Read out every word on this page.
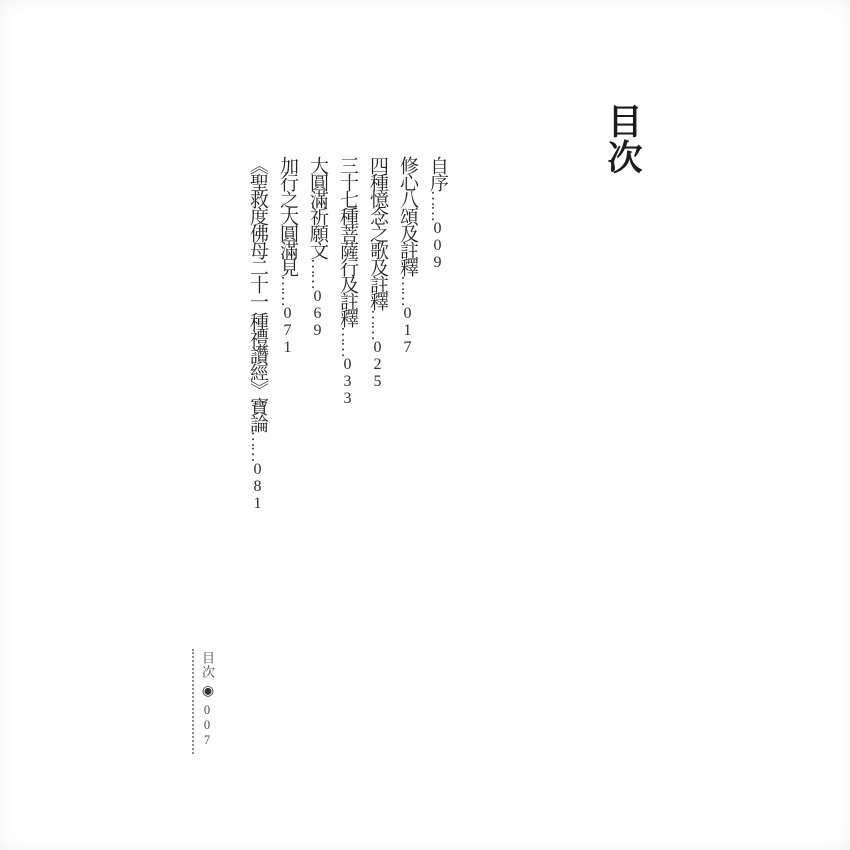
目次
自序……009
修心八頌及註釋……017
四種憶念之歌及註釋……025
三十七種菩薩行及註釋……033
大圓滿祈願文……069
加行之大圓滿見……071
《聖救度佛母二十一 種禮讚經》寶論……081
目次◉007
